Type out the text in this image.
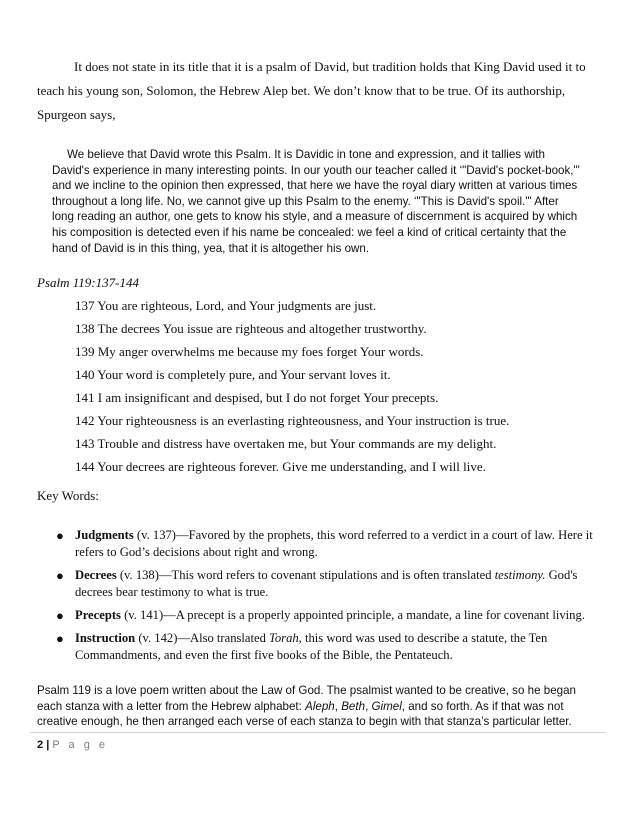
It does not state in its title that it is a psalm of David, but tradition holds that King David used it to teach his young son, Solomon, the Hebrew Alep bet. We don’t know that to be true. Of its authorship, Spurgeon says,

We believe that David wrote this Psalm. It is Davidic in tone and expression, and it tallies with David's experience in many interesting points. In our youth our teacher called it ‘"David's pocket-book,"' and we incline to the opinion then expressed, that here we have the royal diary written at various times throughout a long life. No, we cannot give up this Psalm to the enemy. ‘"This is David's spoil."' After long reading an author, one gets to know his style, and a measure of discernment is acquired by which his composition is detected even if his name be concealed: we feel a kind of critical certainty that the hand of David is in this thing, yea, that it is altogether his own.

Psalm 119:137-144
137 You are righteous, Lord, and Your judgments are just.
138 The decrees You issue are righteous and altogether trustworthy.
139 My anger overwhelms me because my foes forget Your words.
140 Your word is completely pure, and Your servant loves it.
141 I am insignificant and despised, but I do not forget Your precepts.
142 Your righteousness is an everlasting righteousness, and Your instruction is true.
143 Trouble and distress have overtaken me, but Your commands are my delight.
144 Your decrees are righteous forever. Give me understanding, and I will live.
Key Words:
● Judgments (v. 137)—Favored by the prophets, this word referred to a verdict in a court of law. Here it refers to God’s decisions about right and wrong.
● Decrees (v. 138)—This word refers to covenant stipulations and is often translated testimony. God's decrees bear testimony to what is true.
● Precepts (v. 141)—A precept is a properly appointed principle, a mandate, a line for covenant living.
● Instruction (v. 142)—Also translated Torah, this word was used to describe a statute, the Ten Commandments, and even the first five books of the Bible, the Pentateuch.

Psalm 119 is a love poem written about the Law of God. The psalmist wanted to be creative, so he began each stanza with a letter from the Hebrew alphabet: Aleph, Beth, Gimel, and so forth. As if that was not creative enough, he then arranged each verse of each stanza to begin with that stanza’s particular letter.

2 | P a g e
